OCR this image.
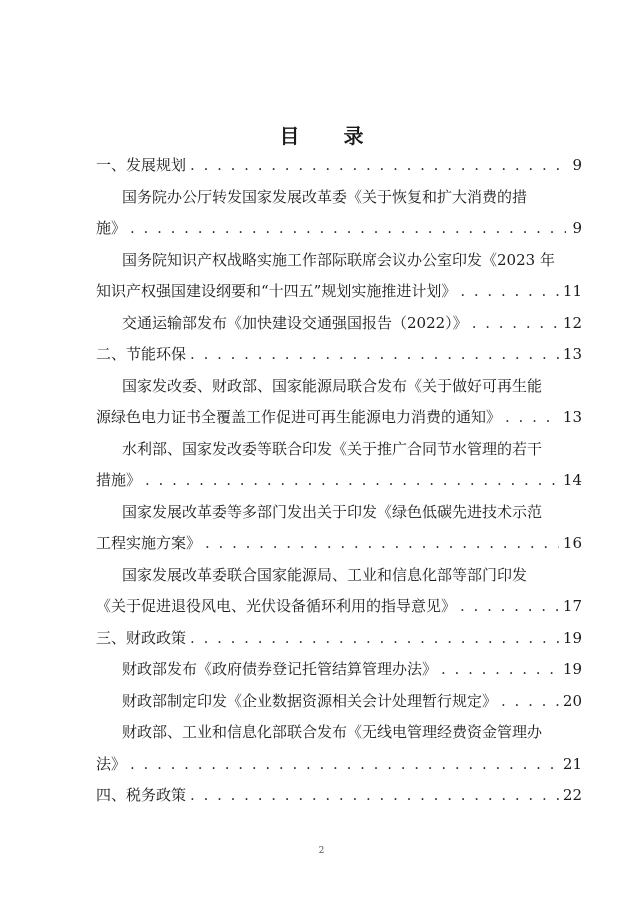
目 录
一、 发展规划 . . .	9
国务院办公厅转发国家发展改革委《关于恢复和扩大消费的措
施》 . . .	9
国务院知识产权战略实施工作部际联席会议办公室印发《2023 年
知识产权强国建设纲要和“十四五”规划实施推进计划》 . . .	11
交通运输部发布《加快建设交通强国报告（2022）》 . . .	12
二、 节能环保 . . .	13
国家发改委、财政部、国家能源局联合发布《关于做好可再生能
源绿色电力证书全覆盖工作促进可再生能源电力消费的通知》 . . .	13
水利部、国家发改委等联合印发《关于推广合同节水管理的若干
措施》 . . .	14
国家发展改革委等多部门发出关于印发《绿色低碳先进技术示范
工程实施方案》 . . .	16
国家发展改革委联合国家能源局、工业和信息化部等部门印发
《关于促进退役风电、光伏设备循环利用的指导意见》 . . .	17
三、 财政政策 . . .	19
财政部发布《政府债券登记托管结算管理办法》 . . .	19
财政部制定印发《企业数据资源相关会计处理暂行规定》 . . .	20
财政部、工业和信息化部联合发布《无线电管理经费资金管理办
法》 . . .	21
四、 税务政策 . . .	22
2
